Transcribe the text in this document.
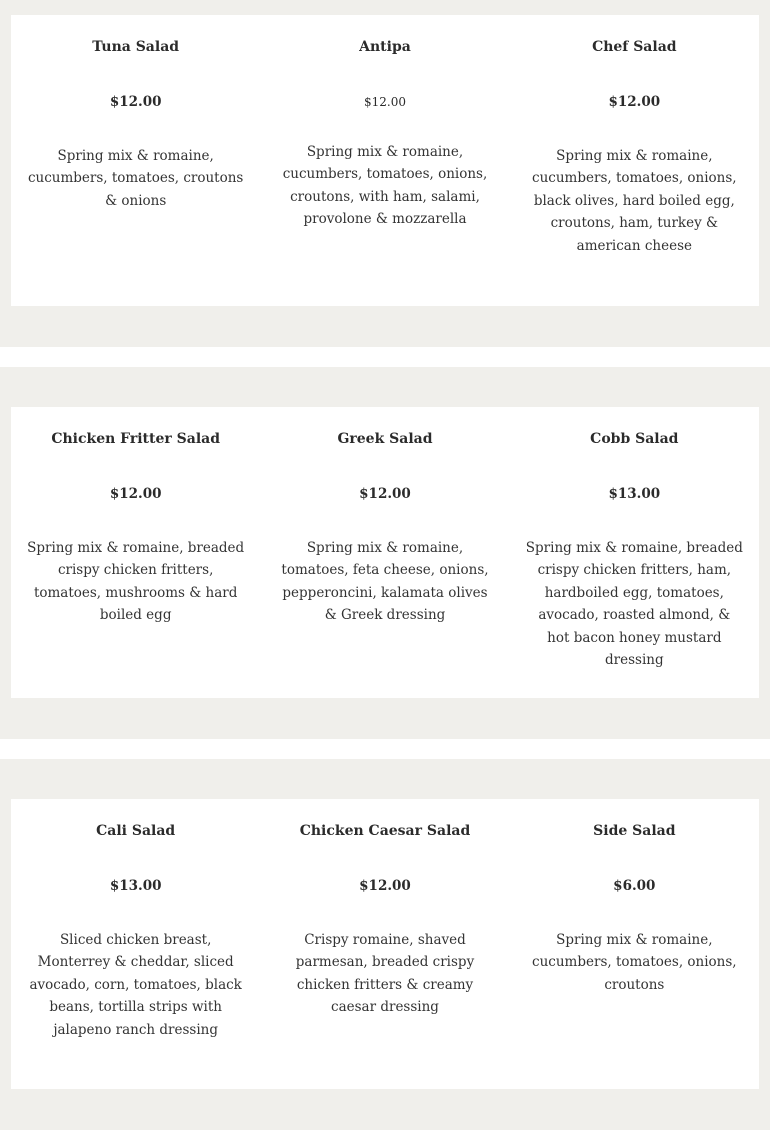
Tuna Salad
$12.00
Spring mix & romaine, cucumbers, tomatoes, croutons & onions
Antipa
$12.00
Spring mix & romaine, cucumbers, tomatoes, onions, croutons, with ham, salami, provolone & mozzarella
Chef Salad
$12.00
Spring mix & romaine, cucumbers, tomatoes, onions, black olives, hard boiled egg, croutons, ham, turkey & american cheese
Chicken Fritter Salad
$12.00
Spring mix & romaine, breaded crispy chicken fritters, tomatoes, mushrooms & hard boiled egg
Greek Salad
$12.00
Spring mix & romaine, tomatoes, feta cheese, onions, pepperoncini, kalamata olives & Greek dressing
Cobb Salad
$13.00
Spring mix & romaine, breaded crispy chicken fritters, ham, hardboiled egg, tomatoes, avocado, roasted almond, & hot bacon honey mustard dressing
Cali Salad
$13.00
Sliced chicken breast, Monterrey & cheddar, sliced avocado, corn, tomatoes, black beans, tortilla strips with jalapeno ranch dressing
Chicken Caesar Salad
$12.00
Crispy romaine, shaved parmesan, breaded crispy chicken fritters & creamy caesar dressing
Side Salad
$6.00
Spring mix & romaine, cucumbers, tomatoes, onions, croutons
